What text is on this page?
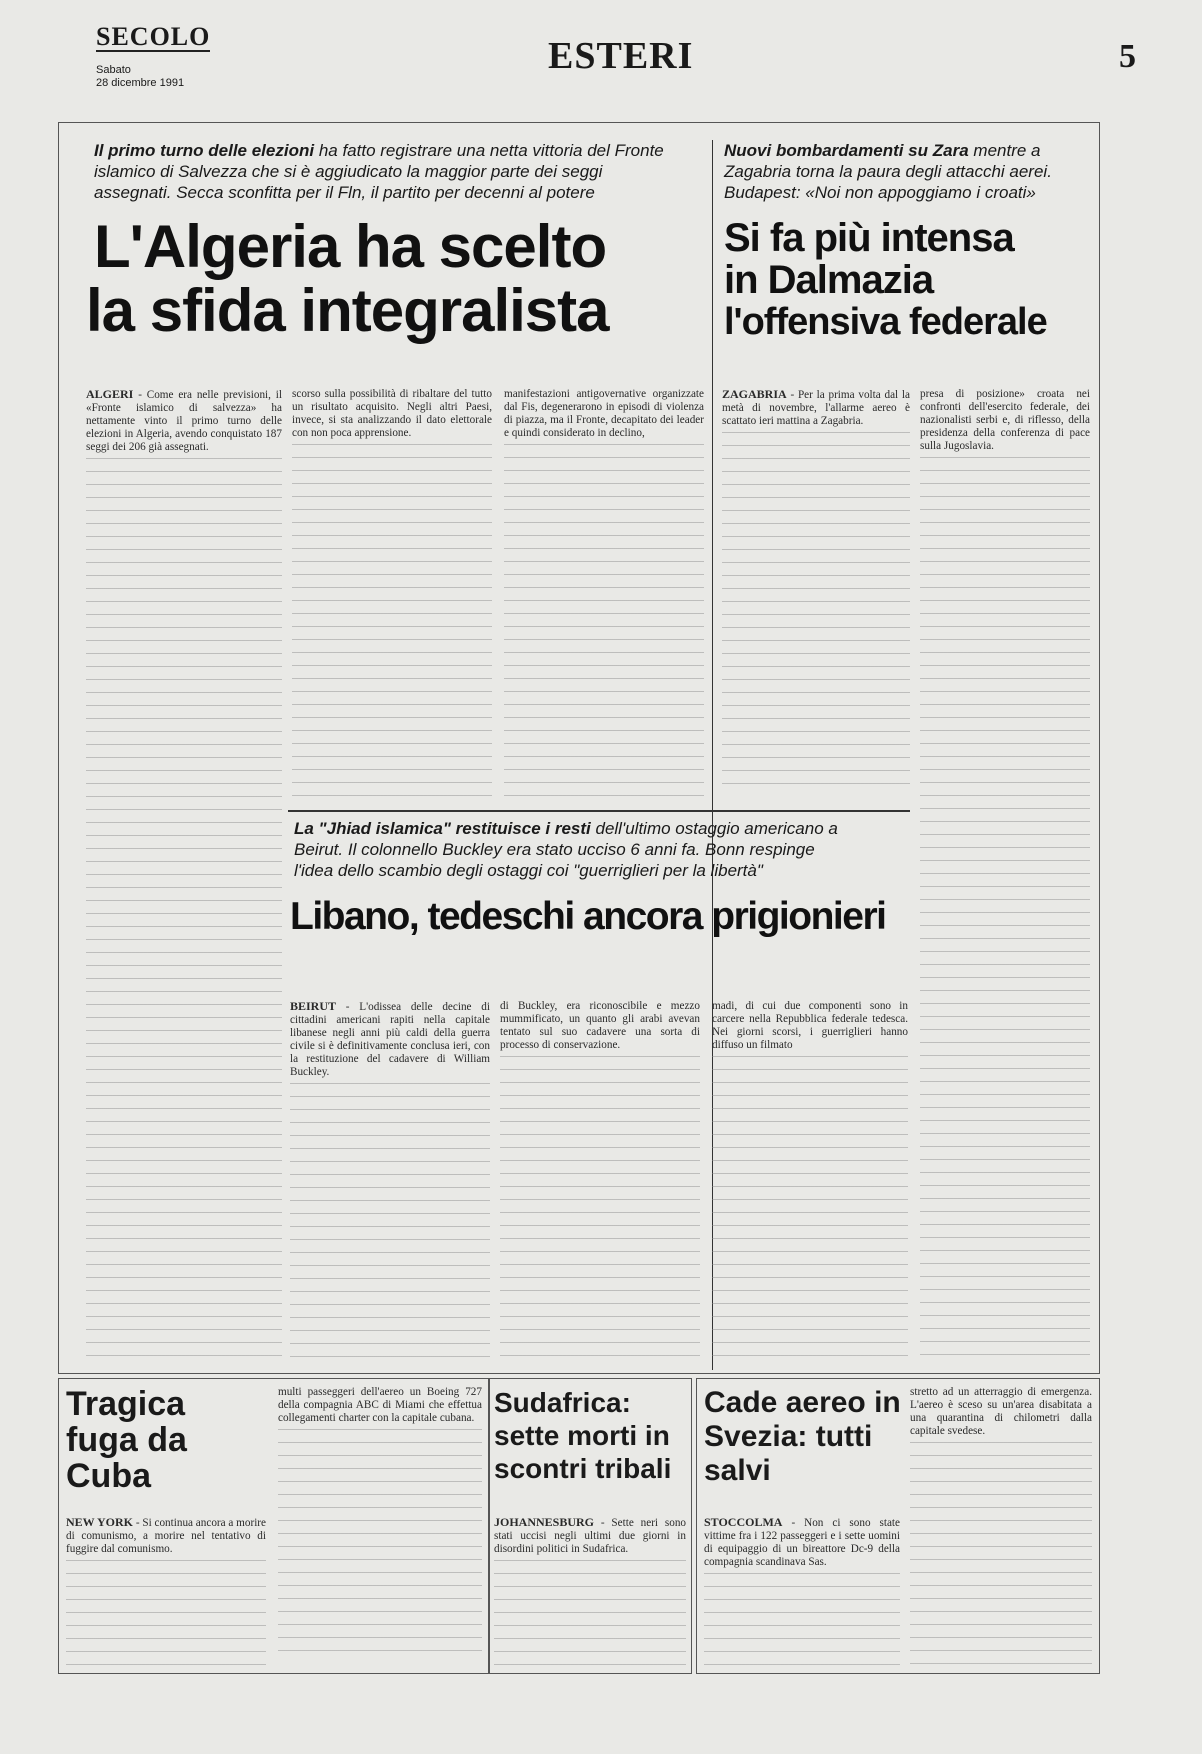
SECOLO
Sabato
28 dicembre 1991
ESTERI	5
Il primo turno delle elezioni ha fatto registrare una netta vittoria del Fronte islamico di Salvezza che si è aggiudicato la maggior parte dei seggi assegnati. Secca sconfitta per il Fln, il partito per decenni al potere
L'Algeria ha scelto
la sfida integralista
Nuovi bombardamenti su Zara mentre a Zagabria torna la paura degli attacchi aerei. Budapest: «Noi non appoggiamo i croati»
Si fa più intensa
in Dalmazia
l'offensiva federale
ALGERI - Come era nelle previsioni, il «Fronte islamico di salvezza» ha nettamente vinto il primo turno delle elezioni in Algeria, avendo conquistato 187 seggi dei 206 già assegnati.
scorso sulla possibilità di ribaltare del tutto un risultato acquisito. Negli altri Paesi, invece, si sta analizzando il dato elettorale con non poca apprensione.
manifestazioni antigovernative organizzate dal Fis, degenerarono in episodi di violenza di piazza, ma il Fronte, decapitato dei leader e quindi considerato in declino,
ZAGABRIA - Per la prima volta dal la metà di novembre, l'allarme aereo è scattato ieri mattina a Zagabria.
presa di posizione» croata nei confronti dell'esercito federale, dei nazionalisti serbi e, di riflesso, della presidenza della conferenza di pace sulla Jugoslavia.
La "Jhiad islamica" restituisce i resti dell'ultimo ostaggio americano a Beirut. Il colonnello Buckley era stato ucciso 6 anni fa. Bonn respinge l'idea dello scambio degli ostaggi coi "guerriglieri per la libertà"
Libano, tedeschi ancora prigionieri
BEIRUT - L'odissea delle decine di cittadini americani rapiti nella capitale libanese negli anni più caldi della guerra civile si è definitivamente conclusa ieri, con la restituzione del cadavere di William Buckley.
di Buckley, era riconoscibile e mezzo mummificato, un quanto gli arabi avevan tentato sul suo cadavere una sorta di processo di conservazione.
madi, di cui due componenti sono in carcere nella Repubblica federale tedesca. Nei giorni scorsi, i guerriglieri hanno diffuso un filmato
Tragica fuga da Cuba
NEW YORK - Si continua ancora a morire di comunismo, a morire nel tentativo di fuggire dal comunismo.
multi passeggeri dell'aereo un Boeing 727 della compagnia ABC di Miami che effettua collegamenti charter con la capitale cubana. Sudafrica: sette morti in scontri tribali
JOHANNESBURG - Sette neri sono stati uccisi negli ultimi due giorni in disordini politici in Sudafrica.
Cade aereo in Svezia: tutti salvi
STOCCOLMA - Non ci sono state vittime fra i 122 passeggeri e i sette uomini di equipaggio di un bireattore Dc-9 della compagnia scandinava Sas.
stretto ad un atterraggio di emergenza. L'aereo è sceso su un'area disabitata a una quarantina di chilometri dalla capitale svedese.
